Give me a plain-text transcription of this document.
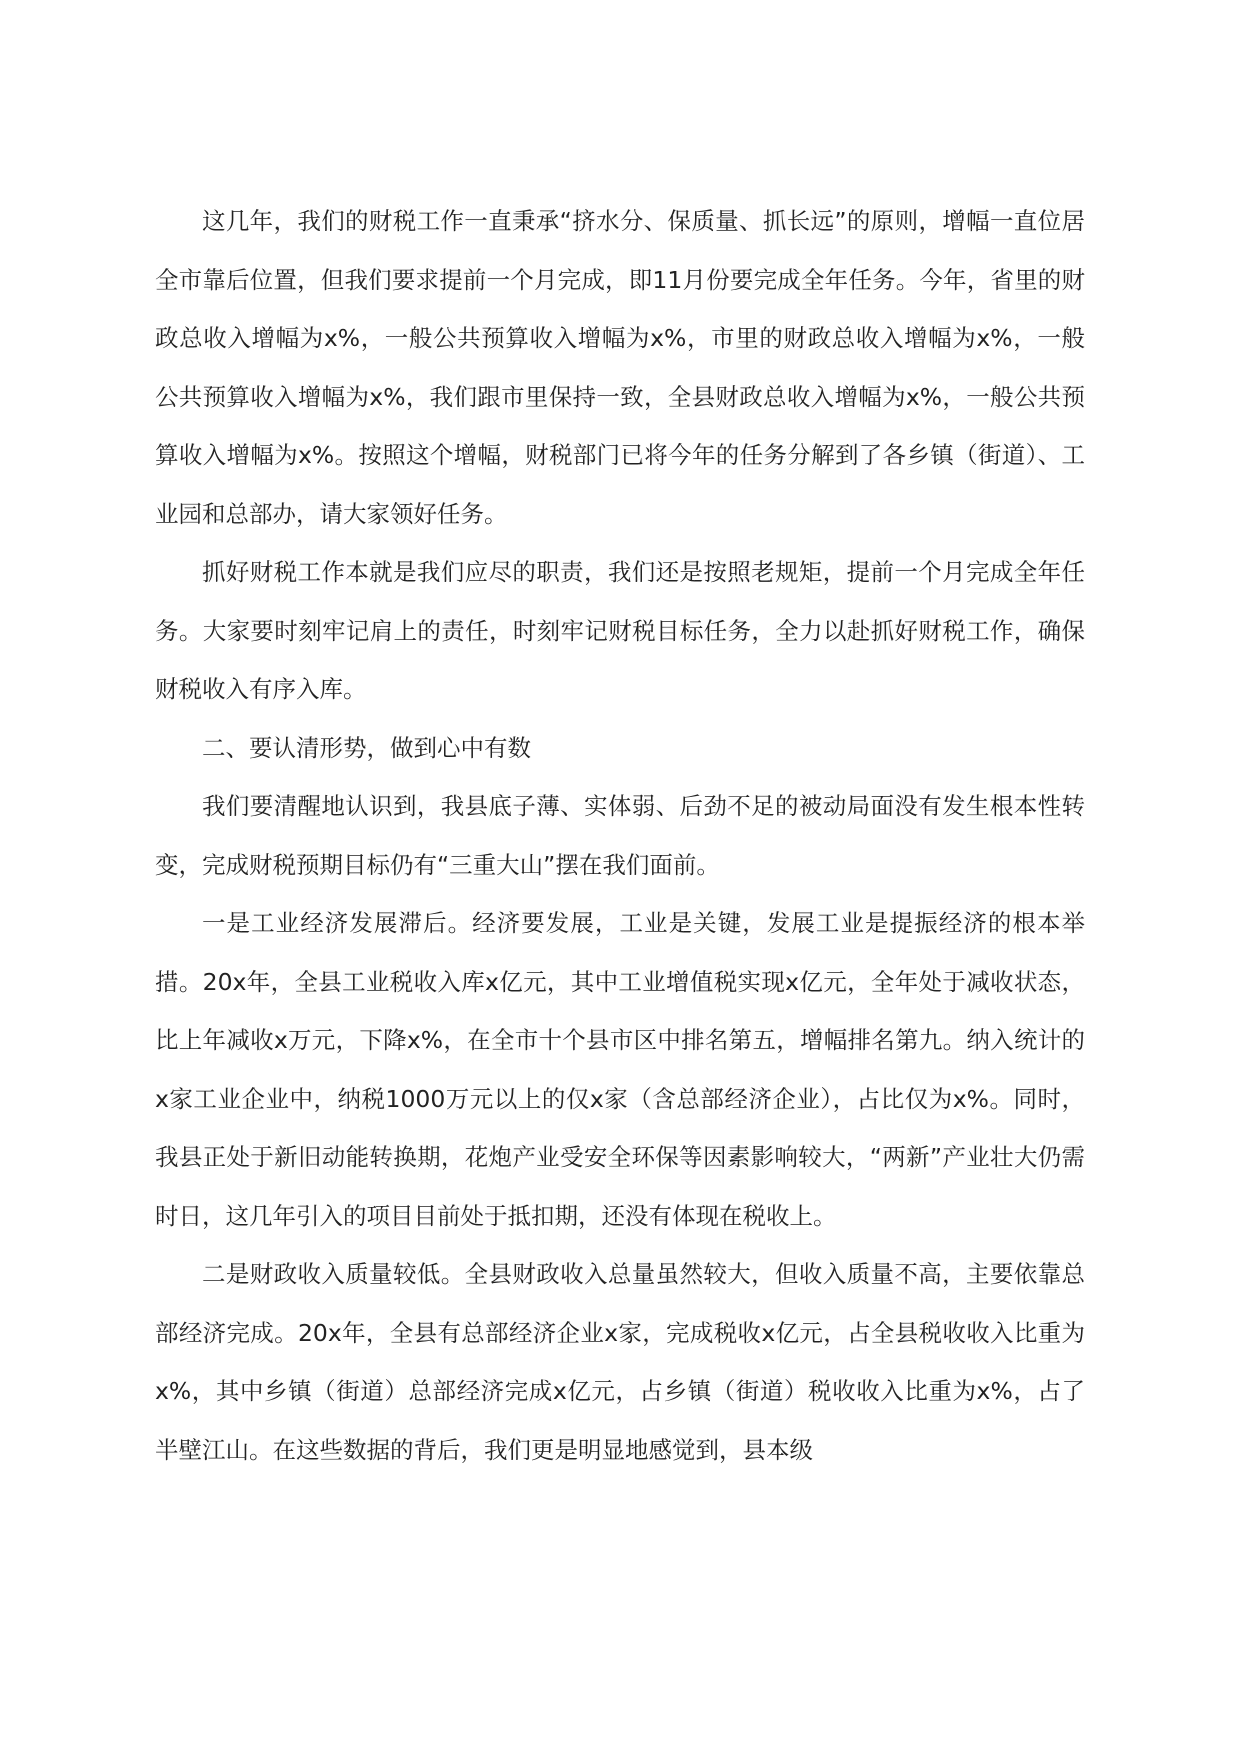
这几年，我们的财税工作一直秉承“挤水分、保质量、抓长远”的原则，增幅一直位居全市靠后位置，但我们要求提前一个月完成，即11月份要完成全年任务。今年，省里的财政总收入增幅为x%，一般公共预算收入增幅为x%，市里的财政总收入增幅为x%，一般公共预算收入增幅为x%，我们跟市里保持一致，全县财政总收入增幅为x%，一般公共预算收入增幅为x%。按照这个增幅，财税部门已将今年的任务分解到了各乡镇（街道）、工业园和总部办，请大家领好任务。

抓好财税工作本就是我们应尽的职责，我们还是按照老规矩，提前一个月完成全年任务。大家要时刻牢记肩上的责任，时刻牢记财税目标任务，全力以赴抓好财税工作，确保财税收入有序入库。

二、要认清形势，做到心中有数

我们要清醒地认识到，我县底子薄、实体弱、后劲不足的被动局面没有发生根本性转变，完成财税预期目标仍有“三重大山”摆在我们面前。

一是工业经济发展滞后。经济要发展，工业是关键，发展工业是提振经济的根本举措。20x年，全县工业税收入库x亿元，其中工业增值税实现x亿元，全年处于减收状态，比上年减收x万元，下降x%，在全市十个县市区中排名第五，增幅排名第九。纳入统计的x家工业企业中，纳税1000万元以上的仅x家（含总部经济企业），占比仅为x%。同时，我县正处于新旧动能转换期，花炮产业受安全环保等因素影响较大，“两新”产业壮大仍需时日，这几年引入的项目目前处于抵扣期，还没有体现在税收上。

二是财政收入质量较低。全县财政收入总量虽然较大，但收入质量不高，主要依靠总部经济完成。20x年，全县有总部经济企业x家，完成税收x亿元，占全县税收收入比重为x%，其中乡镇（街道）总部经济完成x亿元，占乡镇（街道）税收收入比重为x%，占了半壁江山。在这些数据的背后，我们更是明显地感觉到，县本级
